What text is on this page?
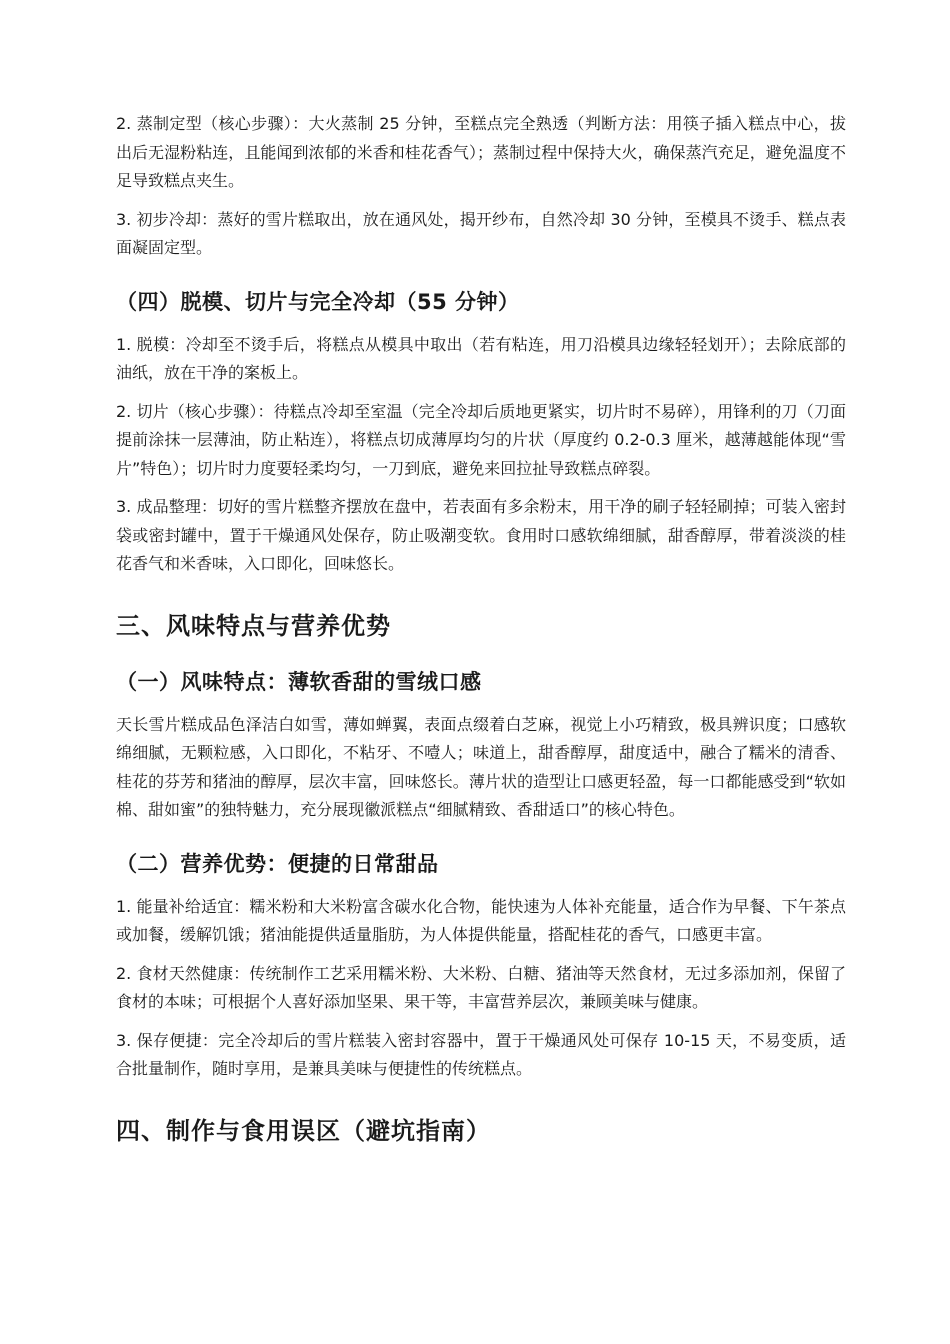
2. 蒸制定型（核心步骤）：大火蒸制 25 分钟，至糕点完全熟透（判断方法：用筷子插入糕点中心，拔出后无湿粉粘连，且能闻到浓郁的米香和桂花香气）；蒸制过程中保持大火，确保蒸汽充足，避免温度不足导致糕点夹生。

3. 初步冷却：蒸好的雪片糕取出，放在通风处，揭开纱布，自然冷却 30 分钟，至模具不烫手、糕点表面凝固定型。

（四）脱模、切片与完全冷却（55 分钟）

1. 脱模：冷却至不烫手后，将糕点从模具中取出（若有粘连，用刀沿模具边缘轻轻划开）；去除底部的油纸，放在干净的案板上。

2. 切片（核心步骤）：待糕点冷却至室温（完全冷却后质地更紧实，切片时不易碎），用锋利的刀（刀面提前涂抹一层薄油，防止粘连），将糕点切成薄厚均匀的片状（厚度约 0.2-0.3 厘米，越薄越能体现“雪片”特色）；切片时力度要轻柔均匀，一刀到底，避免来回拉扯导致糕点碎裂。

3. 成品整理：切好的雪片糕整齐摆放在盘中，若表面有多余粉末，用干净的刷子轻轻刷掉；可装入密封袋或密封罐中，置于干燥通风处保存，防止吸潮变软。食用时口感软绵细腻，甜香醇厚，带着淡淡的桂花香气和米香味，入口即化，回味悠长。

三、风味特点与营养优势
（一）风味特点：薄软香甜的雪绒口感

天长雪片糕成品色泽洁白如雪，薄如蝉翼，表面点缀着白芝麻，视觉上小巧精致，极具辨识度；口感软绵细腻，无颗粒感，入口即化，不粘牙、不噎人；味道上，甜香醇厚，甜度适中，融合了糯米的清香、桂花的芬芳和猪油的醇厚，层次丰富，回味悠长。薄片状的造型让口感更轻盈，每一口都能感受到“软如棉、甜如蜜”的独特魅力，充分展现徽派糕点“细腻精致、香甜适口”的核心特色。

（二）营养优势：便捷的日常甜品

1. 能量补给适宜：糯米粉和大米粉富含碳水化合物，能快速为人体补充能量，适合作为早餐、下午茶点或加餐，缓解饥饿；猪油能提供适量脂肪，为人体提供能量，搭配桂花的香气，口感更丰富。

2. 食材天然健康：传统制作工艺采用糯米粉、大米粉、白糖、猪油等天然食材，无过多添加剂，保留了食材的本味；可根据个人喜好添加坚果、果干等，丰富营养层次，兼顾美味与健康。

3. 保存便捷：完全冷却后的雪片糕装入密封容器中，置于干燥通风处可保存 10-15 天，不易变质，适合批量制作，随时享用，是兼具美味与便捷性的传统糕点。

四、制作与食用误区（避坑指南）
